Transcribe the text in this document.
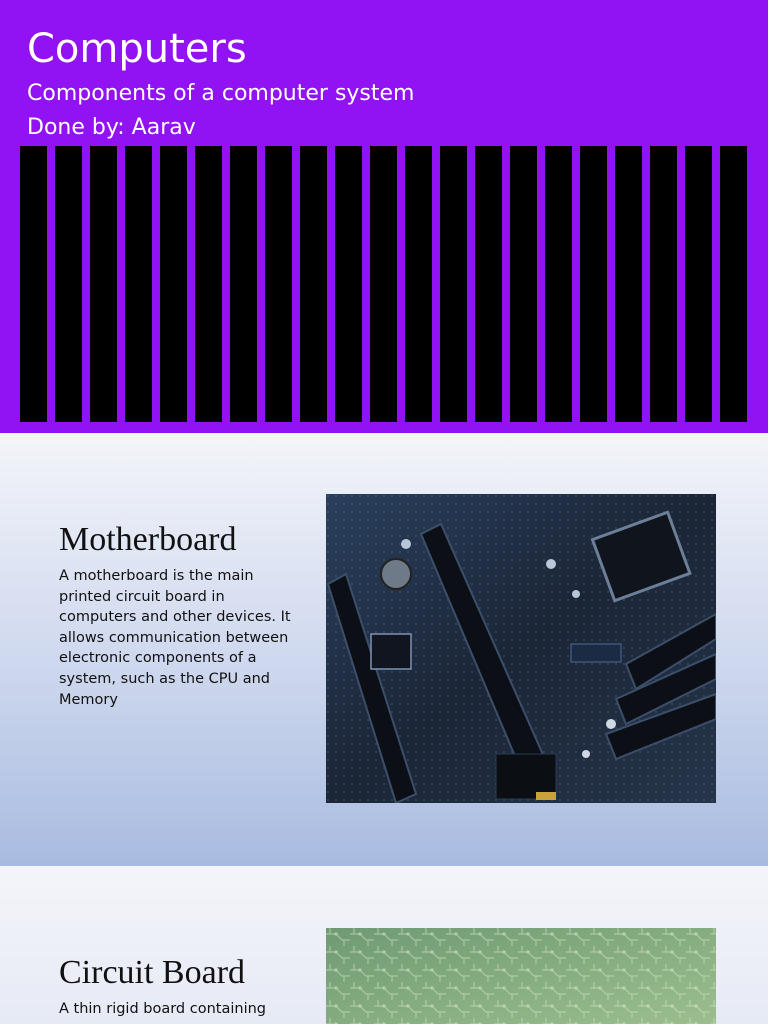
Computers

Components of a computer system

Done by: Aarav

Motherboard

A motherboard is the main printed circuit board in computers and other devices. It allows communication between electronic components of a system, such as the CPU and Memory

Circuit Board

A thin rigid board containing
